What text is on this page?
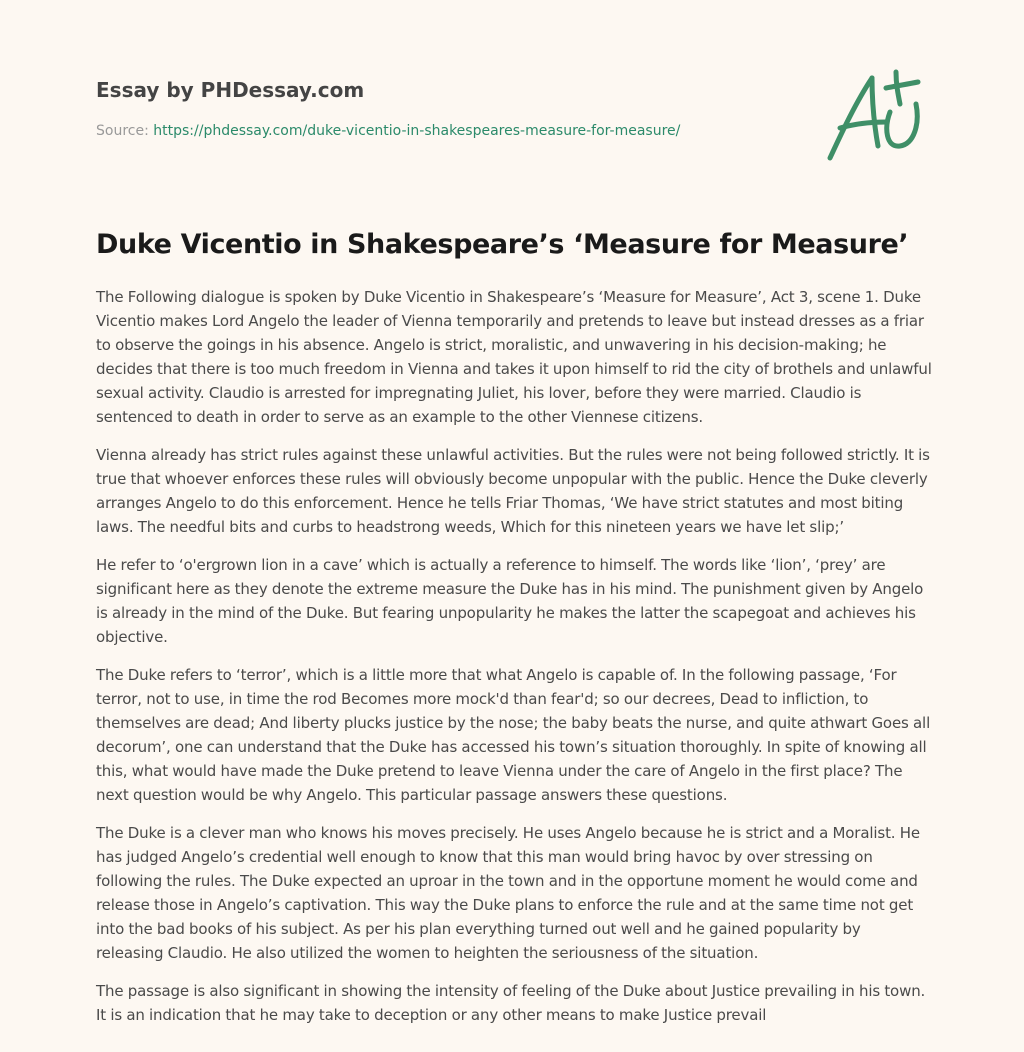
Essay by PHDessay.com
Source: https://phdessay.com/duke-vicentio-in-shakespeares-measure-for-measure/
Duke Vicentio in Shakespeare’s ‘Measure for Measure’

The Following dialogue is spoken by Duke Vicentio in Shakespeare’s ‘Measure for Measure’, Act 3, scene 1. Duke Vicentio makes Lord Angelo the leader of Vienna temporarily and pretends to leave but instead dresses as a friar to observe the goings in his absence. Angelo is strict, moralistic, and unwavering in his decision-making; he decides that there is too much freedom in Vienna and takes it upon himself to rid the city of brothels and unlawful sexual activity. Claudio is arrested for impregnating Juliet, his lover, before they were married. Claudio is sentenced to death in order to serve as an example to the other Viennese citizens.

Vienna already has strict rules against these unlawful activities. But the rules were not being followed strictly. It is true that whoever enforces these rules will obviously become unpopular with the public. Hence the Duke cleverly arranges Angelo to do this enforcement. Hence he tells Friar Thomas, ‘We have strict statutes and most biting laws. The needful bits and curbs to headstrong weeds, Which for this nineteen years we have let slip;’

He refer to ‘o'ergrown lion in a cave’ which is actually a reference to himself. The words like ‘lion’, ‘prey’ are significant here as they denote the extreme measure the Duke has in his mind. The punishment given by Angelo is already in the mind of the Duke. But fearing unpopularity he makes the latter the scapegoat and achieves his objective.

The Duke refers to ‘terror’, which is a little more that what Angelo is capable of. In the following passage, ‘For terror, not to use, in time the rod Becomes more mock'd than fear'd; so our decrees, Dead to infliction, to themselves are dead; And liberty plucks justice by the nose; the baby beats the nurse, and quite athwart Goes all decorum’, one can understand that the Duke has accessed his town’s situation thoroughly. In spite of knowing all this, what would have made the Duke pretend to leave Vienna under the care of Angelo in the first place? The next question would be why Angelo. This particular passage answers these questions.

The Duke is a clever man who knows his moves precisely. He uses Angelo because he is strict and a Moralist. He has judged Angelo’s credential well enough to know that this man would bring havoc by over stressing on following the rules. The Duke expected an uproar in the town and in the opportune moment he would come and release those in Angelo’s captivation. This way the Duke plans to enforce the rule and at the same time not get into the bad books of his subject. As per his plan everything turned out well and he gained popularity by releasing Claudio. He also utilized the women to heighten the seriousness of the situation.

The passage is also significant in showing the intensity of feeling of the Duke about Justice prevailing in his town. It is an indication that he may take to deception or any other means to make Justice prevail
